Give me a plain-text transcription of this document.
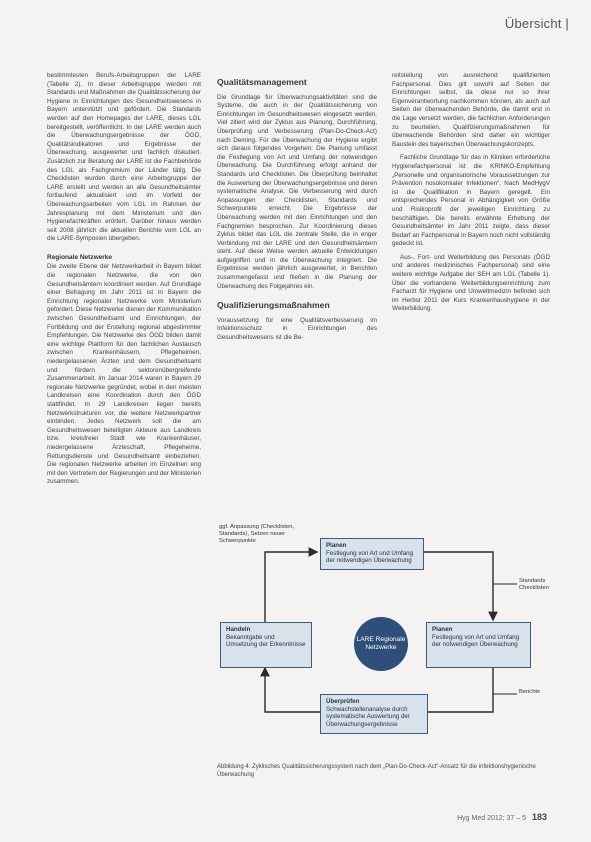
Übersicht |

bestimmtesten Berufs-Arbeitsgruppen der LARE (Tabelle 2). In dieser Arbeitsgruppe werden mit Standards und Maßnahmen die Qualitätssicherung der Hygiene in Einrichtungen des Gesundheitswesens in Bayern unterstützt und gefördert. Die Standards werden auf den Homepages der LARE, dieses LGL bereitgestellt, veröffentlicht. In der LARE werden auch die Überwachungsergebnisse der ÖGD, Qualitätsindikatoren und Ergebnisse der Überwachung, ausgewertet und fachlich diskutiert. Zusätzlich zur Beratung der LARE ist die Fachbehörde des LGL als Fachgremium der Länder tätig. Die Checklisten wurden durch eine Arbeitsgruppe der LARE erstellt und werden an alle Gesundheitsämter fortlaufend aktualisiert und im Vorfeld der Überwachungsarbeiten vom LGL im Rahmen der Jahresplanung mit dem Ministerium und den Hygienefachkräften erörtert. Darüber hinaus werden seit 2008 jährlich die aktuellen Berichte vom LGL an die LARE-Symposien übergeben.

Regionale Netzwerke

Die zweite Ebene der Netzwerkarbeit in Bayern bildet die regionalen Netzwerke, die von den Gesundheitsämtern koordiniert werden. Auf Grundlage einer Befragung im Jahr 2011 ist in Bayern die Einrichtung regionaler Netzwerke vom Ministerium gefordert. Diese Netzwerke dienen der Kommunikation zwischen Gesundheitsamt und Einrichtungen, der Fortbildung und der Erstellung regional abgestimmter Empfehlungen. Die Netzwerke des ÖGD bilden damit eine wichtige Plattform für den fachlichen Austausch zwischen Krankenhäusern, Pflegeheimen, niedergelassenen Ärzten und dem Gesundheitsamt und fördern die sektorenübergreifende Zusammenarbeit. Im Januar 2014 waren in Bayern 29 regionale Netzwerke gegründet, wobei in den meisten Landkreisen eine Koordination durch den ÖGD stattfindet. In 29 Landkreisen liegen bereits Netzwerkstrukturen vor, die weitere Netzwerkpartner einbinden. Jedes Netzwerk soll die am Gesundheitswesen beteiligten Akteure aus Landkreis bzw. kreisfreier Stadt wie Krankenhäuser, niedergelassene Ärzteschaft, Pflegeheime, Rettungsdienste und Gesundheitsamt einbeziehen. Die regionalen Netzwerke arbeiten im Einzelnen eng mit den Vertretern der Regierungen und der Ministerien zusammen.

Qualitätsmanagement

Die Grundlage für Überwachungsaktivitäten sind die Systeme, die auch in der Qualitätssicherung von Einrichtungen im Gesundheitswesen eingesetzt werden. Viel zitiert wird der Zyklus aus Planung, Durchführung, Überprüfung und Verbesserung (Plan-Do-Check-Act) nach Deming. Für die Überwachung der Hygiene ergibt sich daraus folgendes Vorgehen: Die Planung umfasst die Festlegung von Art und Umfang der notwendigen Überwachung. Die Durchführung erfolgt anhand der Standards und Checklisten. Die Überprüfung beinhaltet die Auswertung der Überwachungsergebnisse und deren systematische Analyse. Die Verbesserung wird durch Anpassungen der Checklisten, Standards und Schwerpunkte erreicht. Die Ergebnisse der Überwachung werden mit den Einrichtungen und den Fachgremien besprochen. Zur Koordinierung dieses Zyklus bildet das LGL die zentrale Stelle, die in enger Verbindung mit der LARE und den Gesundheitsämtern steht. Auf diese Weise werden aktuelle Entwicklungen aufgegriffen und in die Überwachung integriert. Die Ergebnisse werden jährlich ausgewertet, in Berichten zusammengefasst und fließen in die Planung der Überwachung des Folgejahres ein.

Qualifizierungsmaßnahmen

Voraussetzung für eine Qualitätsverbesserung im Infektionsschutz in Einrichtungen des Gesundheitswesens ist die Be-

reitstellung von ausreichend qualifiziertem Fachpersonal. Dies gilt sowohl auf Seiten der Einrichtungen selbst, da diese nur so ihrer Eigenverantwortung nachkommen können, als auch auf Seiten der überwachenden Behörde, die damit erst in die Lage versetzt werden, die fachlichen Anforderungen zu beurteilen. Qualifizierungsmaßnahmen für überwachende Behörden sind daher ein wichtiger Baustein des bayerischen Überwachungskonzepts.

Fachliche Grundlage für das in Kliniken erforderliche Hygienefachpersonal ist die KRINKO-Empfehlung „Personelle und organisatorische Voraussetzungen zur Prävention nosokomialer Infektionen“. Nach MedHygV ist die Qualifikation in Bayern geregelt. Ein entsprechendes Personal in Abhängigkeit von Größe und Risikoprofil der jeweiligen Einrichtung zu beschäftigen. Die bereits erwähnte Erhebung der Gesundheitsämter im Jahr 2011 zeigte, dass dieser Bedarf an Fachpersonal in Bayern noch nicht vollständig gedeckt ist.

Aus-, Fort- und Weiterbildung des Personals (ÖGD und anderes medizinisches Fachpersonal) sind eine weitere wichtige Aufgabe der SEH am LGL (Tabelle 1). Über die vorhandene Weiterbildungseinrichtung zum Facharzt für Hygiene und Umweltmedizin befindet sich im Herbst 2011 der Kurs Krankenhaushygiene in der Weiterbildung.

ggf. Anpassung (Checklisten, Standards), Setzen neuer Schwerpunkte
Planen
Festlegung von Art und Umfang der notwendigen Überwachung
Standards Checklisten
Handeln
Bekanntgabe und Umsetzung der Erkenntnisse
LARE Regionale Netzwerke
Planen
Festlegung von Art und Umfang der notwendigen Überwachung
Berichte
Überprüfen
Schwachstellenanalyse durch systematische Auswertung der Überwachungsergebnisse
Abbildung 4: Zyklisches Qualitätssicherungssystem nach dem „Plan-Do-Check-Act“-Ansatz für die infektionshygienische Überwachung
Hyg Med 2012; 37 – 5 183
